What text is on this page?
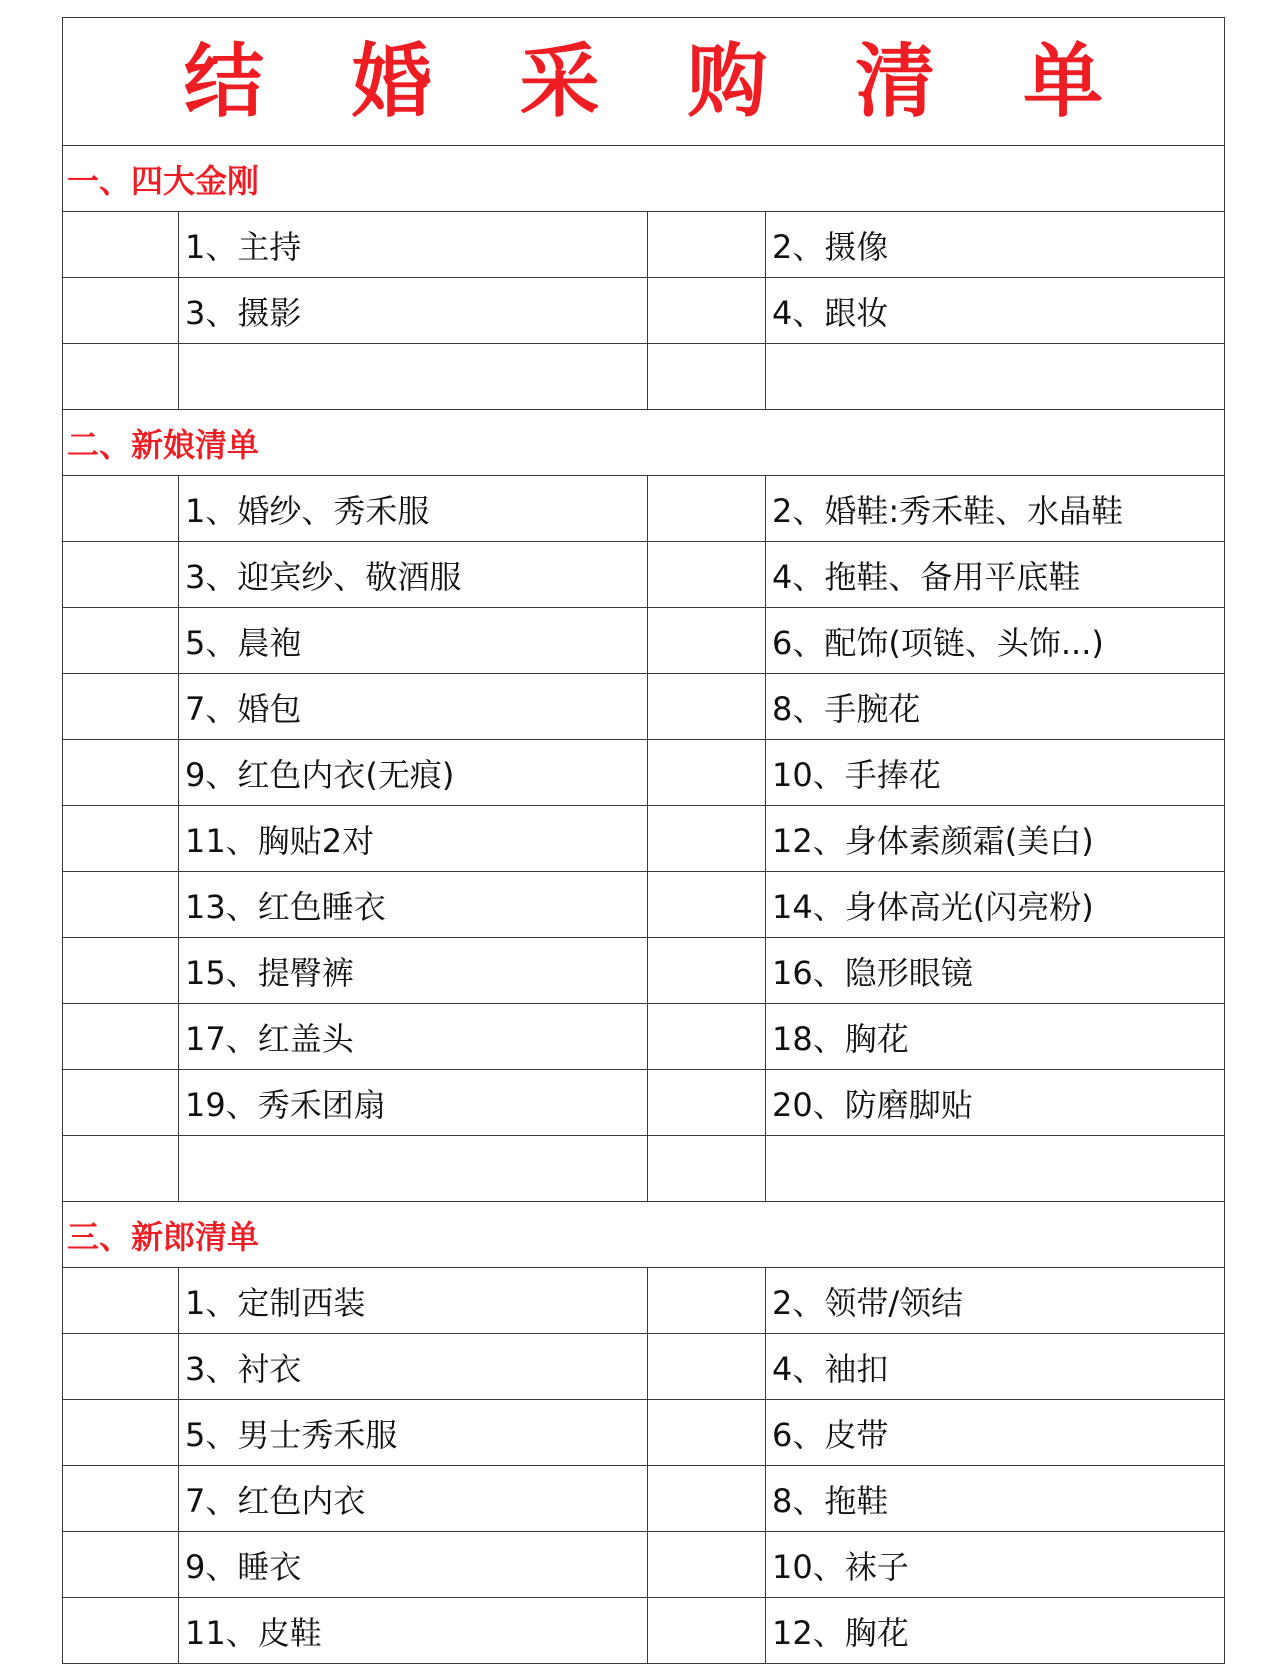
结 婚 采 购 清 单			
一、四大金刚			
	1、主持		2、摄像
	3、摄影		4、跟妆

二、新娘清单			
	1、婚纱、秀禾服		2、婚鞋:秀禾鞋、水晶鞋
	3、迎宾纱、敬酒服		4、拖鞋、备用平底鞋
	5、晨袍		6、配饰(项链、头饰...)
	7、婚包		8、手腕花
	9、红色内衣(无痕)		10、手捧花
	11、胸贴2对		12、身体素颜霜(美白)
	13、红色睡衣		14、身体高光(闪亮粉)
	15、提臀裤		16、隐形眼镜
	17、红盖头		18、胸花
	19、秀禾团扇		20、防磨脚贴

三、新郎清单			
	1、定制西装		2、领带/领结
	3、衬衣		4、袖扣
	5、男士秀禾服		6、皮带
	7、红色内衣		8、拖鞋
	9、睡衣		10、袜子
	11、皮鞋		12、胸花
